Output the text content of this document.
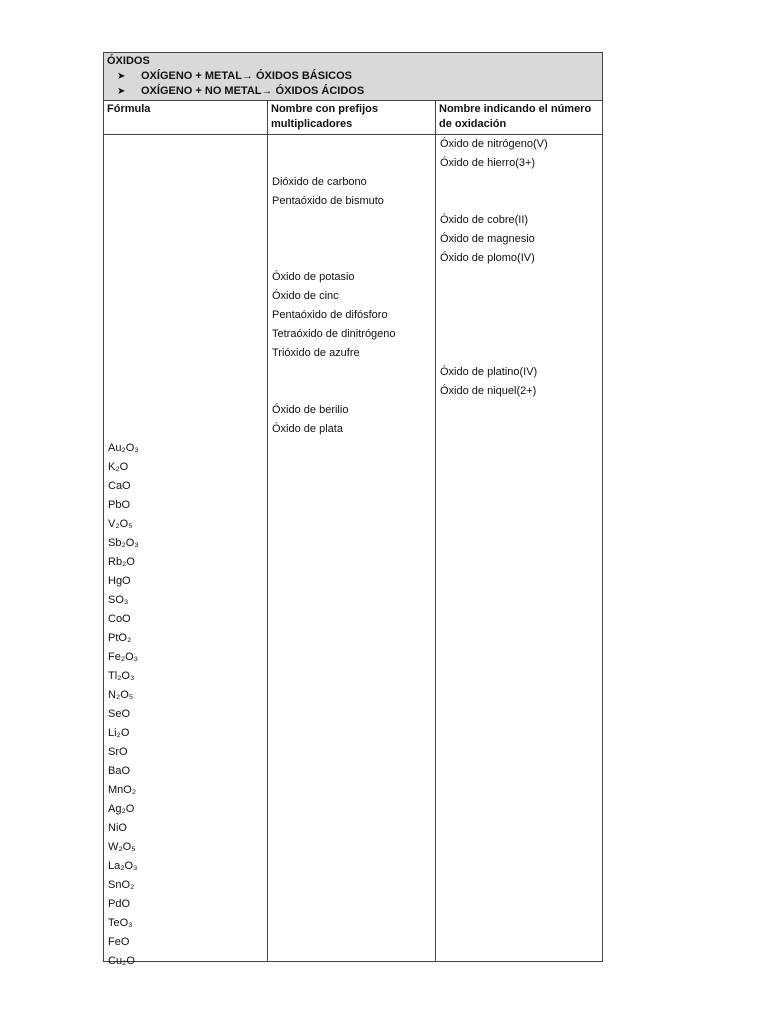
ÓXIDOS
➤	OXÍGENO + METAL→ ÓXIDOS BÁSICOS
➤	OXÍGENO + NO METAL→ ÓXIDOS ÁCIDOS
Fórmula
Au₂O₃
K₂O
CaO
PbO
V₂O₅
Sb₂O₃
Rb₂O
HgO
SO₃
CoO
PtO₂
Fe₂O₃
Tl₂O₃
N₂O₅
SeO
Li₂O
SrO
BaO
MnO₂
Ag₂O
NiO
W₂O₅
La₂O₃
SnO₂
PdO
TeO₃
FeO
Cu₂O
Nombre con prefijos multiplicadores
Dióxido de carbono
Pentaóxido de bismuto
Óxido de potasio
Óxido de cinc
Pentaóxido de difósforo
Tetraóxido de dinitrógeno
Trióxido de azufre
Óxido de berilio
Óxido de plata
Nombre indicando el número de oxidación
Óxido de nitrógeno(V)
Óxido de hierro(3+)
Óxido de cobre(II)
Óxido de magnesio
Óxido de plomo(IV)
Óxido de platino(IV)
Óxido de niquel(2+)
